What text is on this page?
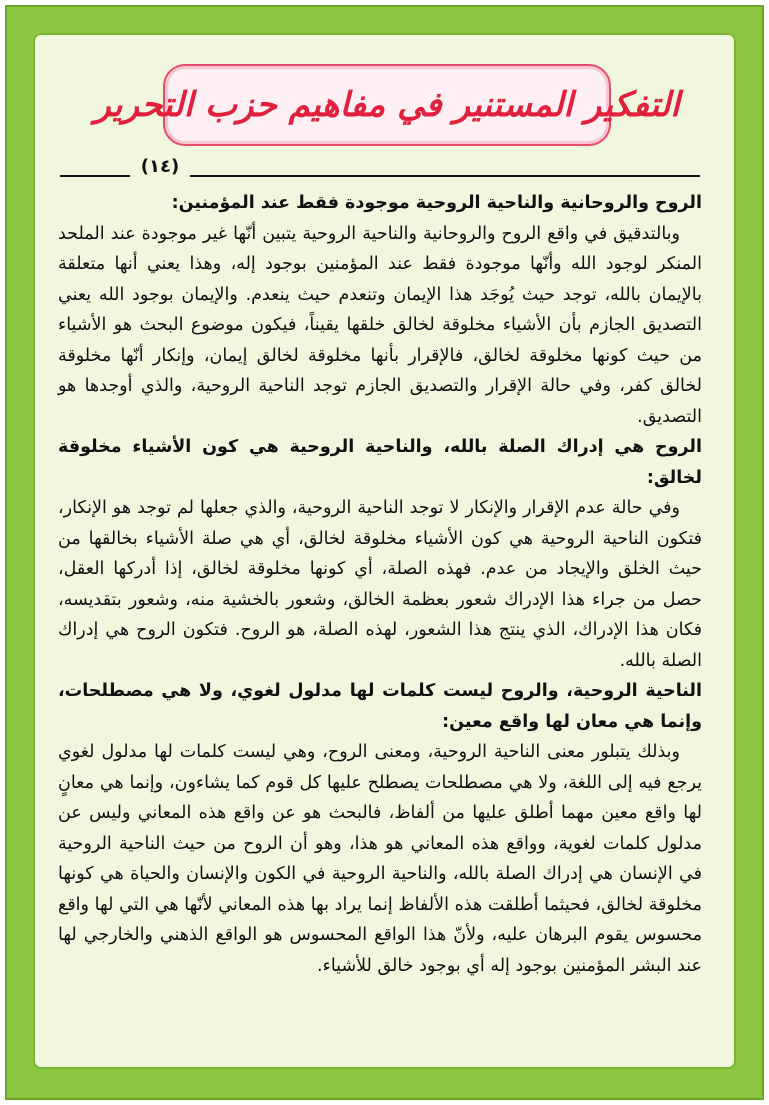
التفكير المستنير في مفاهيم حزب التحرير
(١٤)

الروح والروحانية والناحية الروحية موجودة فقط عند المؤمنين:

وبالتدقيق في واقع الروح والروحانية والناحية الروحية يتبين أنّها غير موجودة عند الملحد المنكر لوجود الله وأنّها موجودة فقط عند المؤمنين بوجود إله، وهذا يعني أنها متعلقة بالإيمان بالله، توجد حيث يُوجَد هذا الإيمان وتنعدم حيث ينعدم. والإيمان بوجود الله يعني التصديق الجازم بأن الأشياء مخلوقة لخالق خلقها يقيناً، فيكون موضوع البحث هو الأشياء من حيث كونها مخلوقة لخالق، فالإقرار بأنها مخلوقة لخالق إيمان، وإنكار أنّها مخلوقة لخالق كفر، وفي حالة الإقرار والتصديق الجازم توجد الناحية الروحية، والذي أوجدها هو التصديق.

الروح هي إدراك الصلة بالله، والناحية الروحية هي كون الأشياء مخلوقة لخالق:

وفي حالة عدم الإقرار والإنكار لا توجد الناحية الروحية، والذي جعلها لم توجد هو الإنكار، فتكون الناحية الروحية هي كون الأشياء مخلوقة لخالق، أي هي صلة الأشياء بخالقها من حيث الخلق والإيجاد من عدم. فهذه الصلة، أي كونها مخلوقة لخالق، إذا أدركها العقل، حصل من جراء هذا الإدراك شعور بعظمة الخالق، وشعور بالخشية منه، وشعور بتقديسه، فكان هذا الإدراك، الذي ينتج هذا الشعور، لهذه الصلة، هو الروح. فتكون الروح هي إدراك الصلة بالله.

الناحية الروحية، والروح ليست كلمات لها مدلول لغوي، ولا هي مصطلحات، وإنما هي معان لها واقع معين:

وبذلك يتبلور معنى الناحية الروحية، ومعنى الروح، وهي ليست كلمات لها مدلول لغوي يرجع فيه إلى اللغة، ولا هي مصطلحات يصطلح عليها كل قوم كما يشاءون، وإنما هي معانٍ لها واقع معين مهما أطلق عليها من ألفاظ، فالبحث هو عن واقع هذه المعاني وليس عن مدلول كلمات لغوية، وواقع هذه المعاني هو هذا، وهو أن الروح من حيث الناحية الروحية في الإنسان هي إدراك الصلة بالله، والناحية الروحية في الكون والإنسان والحياة هي كونها مخلوقة لخالق، فحيثما أطلقت هذه الألفاظ إنما يراد بها هذه المعاني لأنّها هي التي لها واقع محسوس يقوم البرهان عليه، ولأنّ هذا الواقع المحسوس هو الواقع الذهني والخارجي لها عند البشر المؤمنين بوجود إله أي بوجود خالق للأشياء.
